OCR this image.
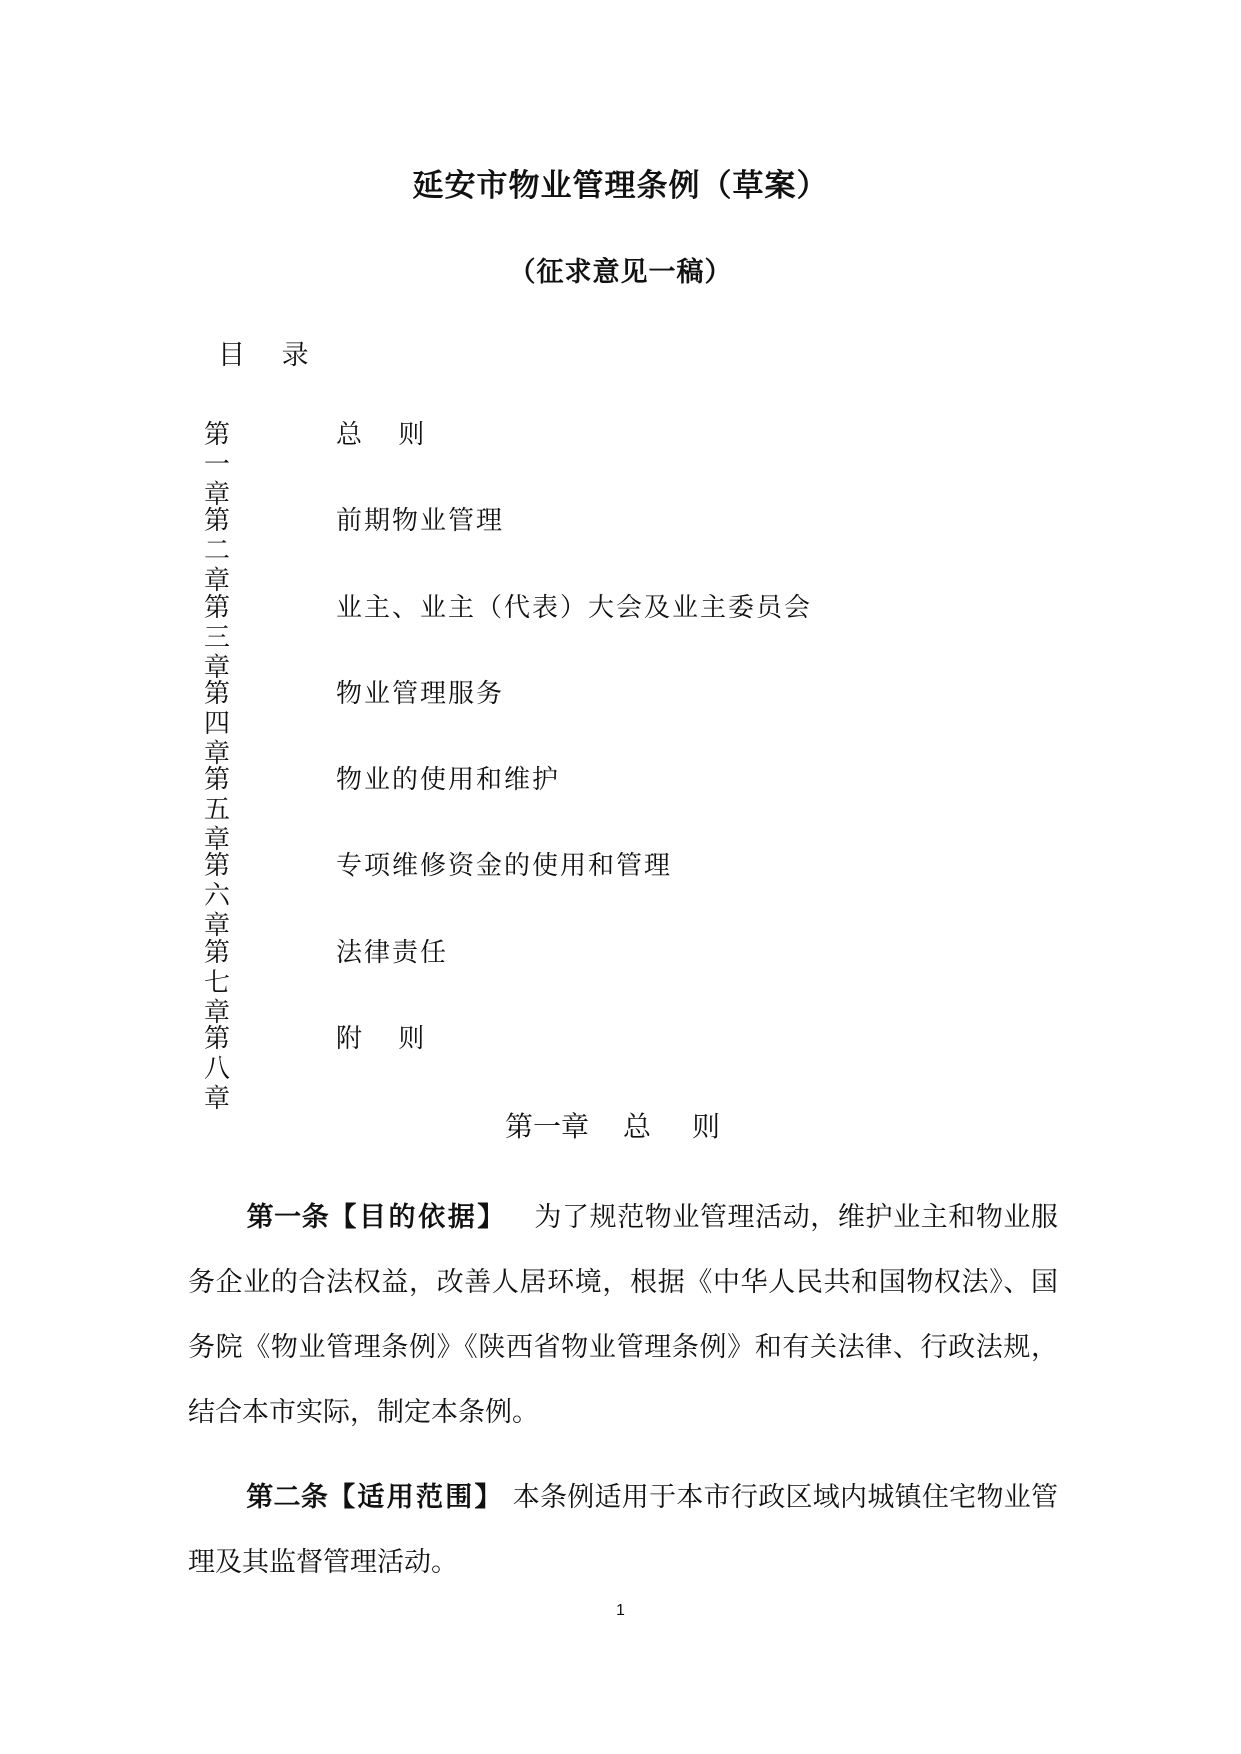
延安市物业管理条例（草案）
（征求意见一稿）
目 录
第一章
总 则
第二章
前期物业管理
第三章
业主、业主（代表）大会及业主委员会
第四章
物业管理服务
第五章
物业的使用和维护
第六章
专项维修资金的使用和管理
第七章
法律责任
第八章
附 则
第一章 总 则
第一条【目的依据】 为了规范物业管理活动，维护业主和物业服务企业的合法权益，改善人居环境，根据《中华人民共和国物权法》、国务院《物业管理条例》《陕西省物业管理条例》和有关法律、行政法规，结合本市实际，制定本条例。
第二条【适用范围】 本条例适用于本市行政区域内城镇住宅物业管理及其监督管理活动。
1
